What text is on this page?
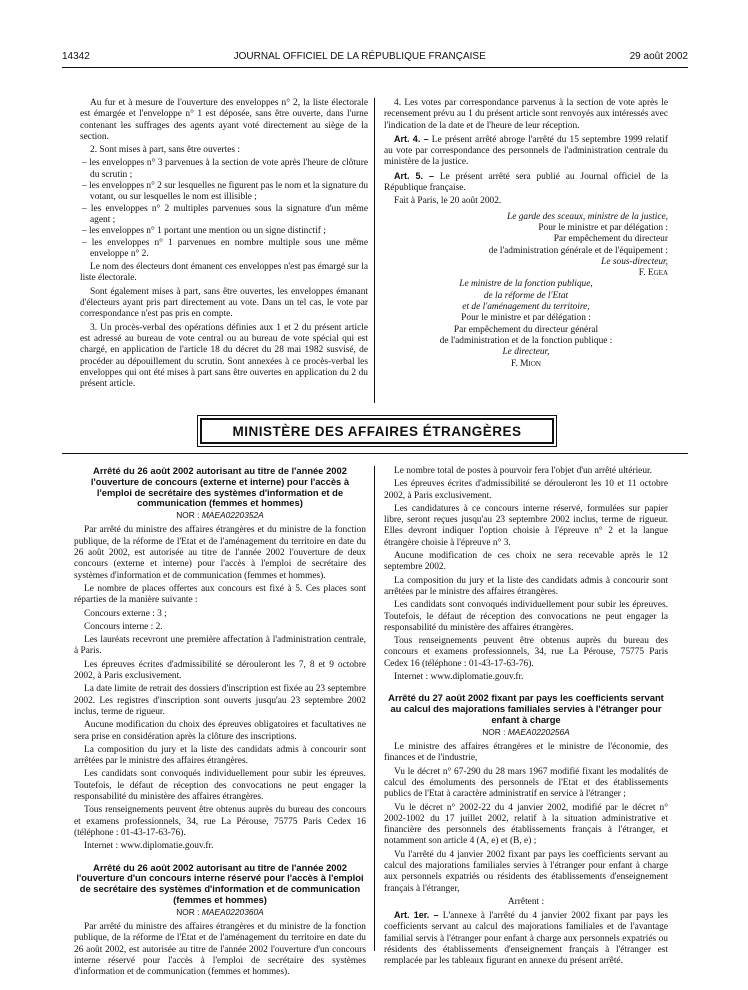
14342	JOURNAL OFFICIEL DE LA RÉPUBLIQUE FRANÇAISE	29 août 2002

Au fur et à mesure de l'ouverture des enveloppes n° 2, la liste électorale est émargée et l'enveloppe n° 1 est déposée, sans être ouverte, dans l'urne contenant les suffrages des agents ayant voté directement au siège de la section.

2. Sont mises à part, sans être ouvertes :

– les enveloppes n° 3 parvenues à la section de vote après l'heure de clôture du scrutin ;
– les enveloppes n° 2 sur lesquelles ne figurent pas le nom et la signature du votant, ou sur lesquelles le nom est illisible ;
– les enveloppes n° 2 multiples parvenues sous la signature d'un même agent ;
– les enveloppes n° 1 portant une mention ou un signe distinctif ;
– les enveloppes n° 1 parvenues en nombre multiple sous une même enveloppe n° 2.

Le nom des électeurs dont émanent ces enveloppes n'est pas émargé sur la liste électorale.

Sont également mises à part, sans être ouvertes, les enveloppes émanant d'électeurs ayant pris part directement au vote. Dans un tel cas, le vote par correspondance n'est pas pris en compte.

3. Un procès-verbal des opérations définies aux 1 et 2 du présent article est adressé au bureau de vote central ou au bureau de vote spécial qui est chargé, en application de l'article 18 du décret du 28 mai 1982 susvisé, de procéder au dépouillement du scrutin. Sont annexées à ce procès-verbal les enveloppes qui ont été mises à part sans être ouvertes en application du 2 du présent article.

4. Les votes par correspondance parvenus à la section de vote après le recensement prévu au 1 du présent article sont renvoyés aux intéressés avec l'indication de la date et de l'heure de leur réception.

Art. 4. – Le présent arrêté abroge l'arrêté du 15 septembre 1999 relatif au vote par correspondance des personnels de l'administration centrale du ministère de la justice.

Art. 5. – Le présent arrêté sera publié au Journal officiel de la République française.

Fait à Paris, le 20 août 2002.

Le garde des sceaux, ministre de la justice,
Pour le ministre et par délégation :
Par empêchement du directeur
de l'administration générale et de l'équipement :
Le sous-directeur,
F. Egea
Le ministre de la fonction publique,
de la réforme de l'Etat
et de l'aménagement du territoire,
Pour le ministre et par délégation :
Par empêchement du directeur général
de l'administration et de la fonction publique :
Le directeur,
F. Mion
MINISTÈRE DES AFFAIRES ÉTRANGÈRES
Arrêté du 26 août 2002 autorisant au titre de l'année 2002 l'ouverture de concours (externe et interne) pour l'accès à l'emploi de secrétaire des systèmes d'information et de communication (femmes et hommes)
NOR : MAEA0220352A

Par arrêté du ministre des affaires étrangères et du ministre de la fonction publique, de la réforme de l'Etat et de l'aménagement du territoire en date du 26 août 2002, est autorisée au titre de l'année 2002 l'ouverture de deux concours (externe et interne) pour l'accès à l'emploi de secrétaire des systèmes d'information et de communication (femmes et hommes).

Le nombre de places offertes aux concours est fixé à 5. Ces places sont réparties de la manière suivante :

Concours externe : 3 ;

Concours interne : 2.

Les lauréats recevront une première affectation à l'administration centrale, à Paris.

Les épreuves écrites d'admissibilité se dérouleront les 7, 8 et 9 octobre 2002, à Paris exclusivement.

La date limite de retrait des dossiers d'inscription est fixée au 23 septembre 2002. Les registres d'inscription sont ouverts jusqu'au 23 septembre 2002 inclus, terme de rigueur.

Aucune modification du choix des épreuves obligatoires et facultatives ne sera prise en considération après la clôture des inscriptions.

La composition du jury et la liste des candidats admis à concourir sont arrêtées par le ministre des affaires étrangères.

Les candidats sont convoqués individuellement pour subir les épreuves. Toutefois, le défaut de réception des convocations ne peut engager la responsabilité du ministère des affaires étrangères.

Tous renseignements peuvent être obtenus auprès du bureau des concours et examens professionnels, 34, rue La Pérouse, 75775 Paris Cedex 16 (téléphone : 01-43-17-63-76).

Internet : www.diplomatie.gouv.fr.

Arrêté du 26 août 2002 autorisant au titre de l'année 2002 l'ouverture d'un concours interne réservé pour l'accès à l'emploi de secrétaire des systèmes d'information et de communication (femmes et hommes)
NOR : MAEA0220360A

Par arrêté du ministre des affaires étrangères et du ministre de la fonction publique, de la réforme de l'Etat et de l'aménagement du territoire en date du 26 août 2002, est autorisée au titre de l'année 2002 l'ouverture d'un concours interne réservé pour l'accès à l'emploi de secrétaire des systèmes d'information et de communication (femmes et hommes).

Le nombre total de postes à pourvoir fera l'objet d'un arrêté ultérieur.

Les épreuves écrites d'admissibilité se dérouleront les 10 et 11 octobre 2002, à Paris exclusivement.

Les candidatures à ce concours interne réservé, formulées sur papier libre, seront reçues jusqu'au 23 septembre 2002 inclus, terme de rigueur. Elles devront indiquer l'option choisie à l'épreuve n° 2 et la langue étrangère choisie à l'épreuve n° 3.

Aucune modification de ces choix ne sera recevable après le 12 septembre 2002.

La composition du jury et la liste des candidats admis à concourir sont arrêtées par le ministre des affaires étrangères.

Les candidats sont convoqués individuellement pour subir les épreuves. Toutefois, le défaut de réception des convocations ne peut engager la responsabilité du ministère des affaires étrangères.

Tous renseignements peuvent être obtenus auprès du bureau des concours et examens professionnels, 34, rue La Pérouse, 75775 Paris Cedex 16 (téléphone : 01-43-17-63-76).

Internet : www.diplomatie.gouv.fr.

Arrêté du 27 août 2002 fixant par pays les coefficients servant au calcul des majorations familiales servies à l'étranger pour enfant à charge
NOR : MAEA0220256A

Le ministre des affaires étrangères et le ministre de l'économie, des finances et de l'industrie,

Vu le décret n° 67-290 du 28 mars 1967 modifié fixant les modalités de calcul des émoluments des personnels de l'Etat et des établissements publics de l'Etat à caractère administratif en service à l'étranger ;

Vu le décret n° 2002-22 du 4 janvier 2002, modifié par le décret n° 2002-1002 du 17 juillet 2002, relatif à la situation administrative et financière des personnels des établissements français à l'étranger, et notamment son article 4 (A, e) et (B, e) ;

Vu l'arrêté du 4 janvier 2002 fixant par pays les coefficients servant au calcul des majorations familiales servies à l'étranger pour enfant à charge aux personnels expatriés ou résidents des établissements d'enseignement français à l'étranger,

Arrêtent :

Art. 1er. – L'annexe à l'arrêté du 4 janvier 2002 fixant par pays les coefficients servant au calcul des majorations familiales et de l'avantage familial servis à l'étranger pour enfant à charge aux personnels expatriés ou résidents des établissements d'enseignement français à l'étranger est remplacée par les tableaux figurant en annexe du présent arrêté.
